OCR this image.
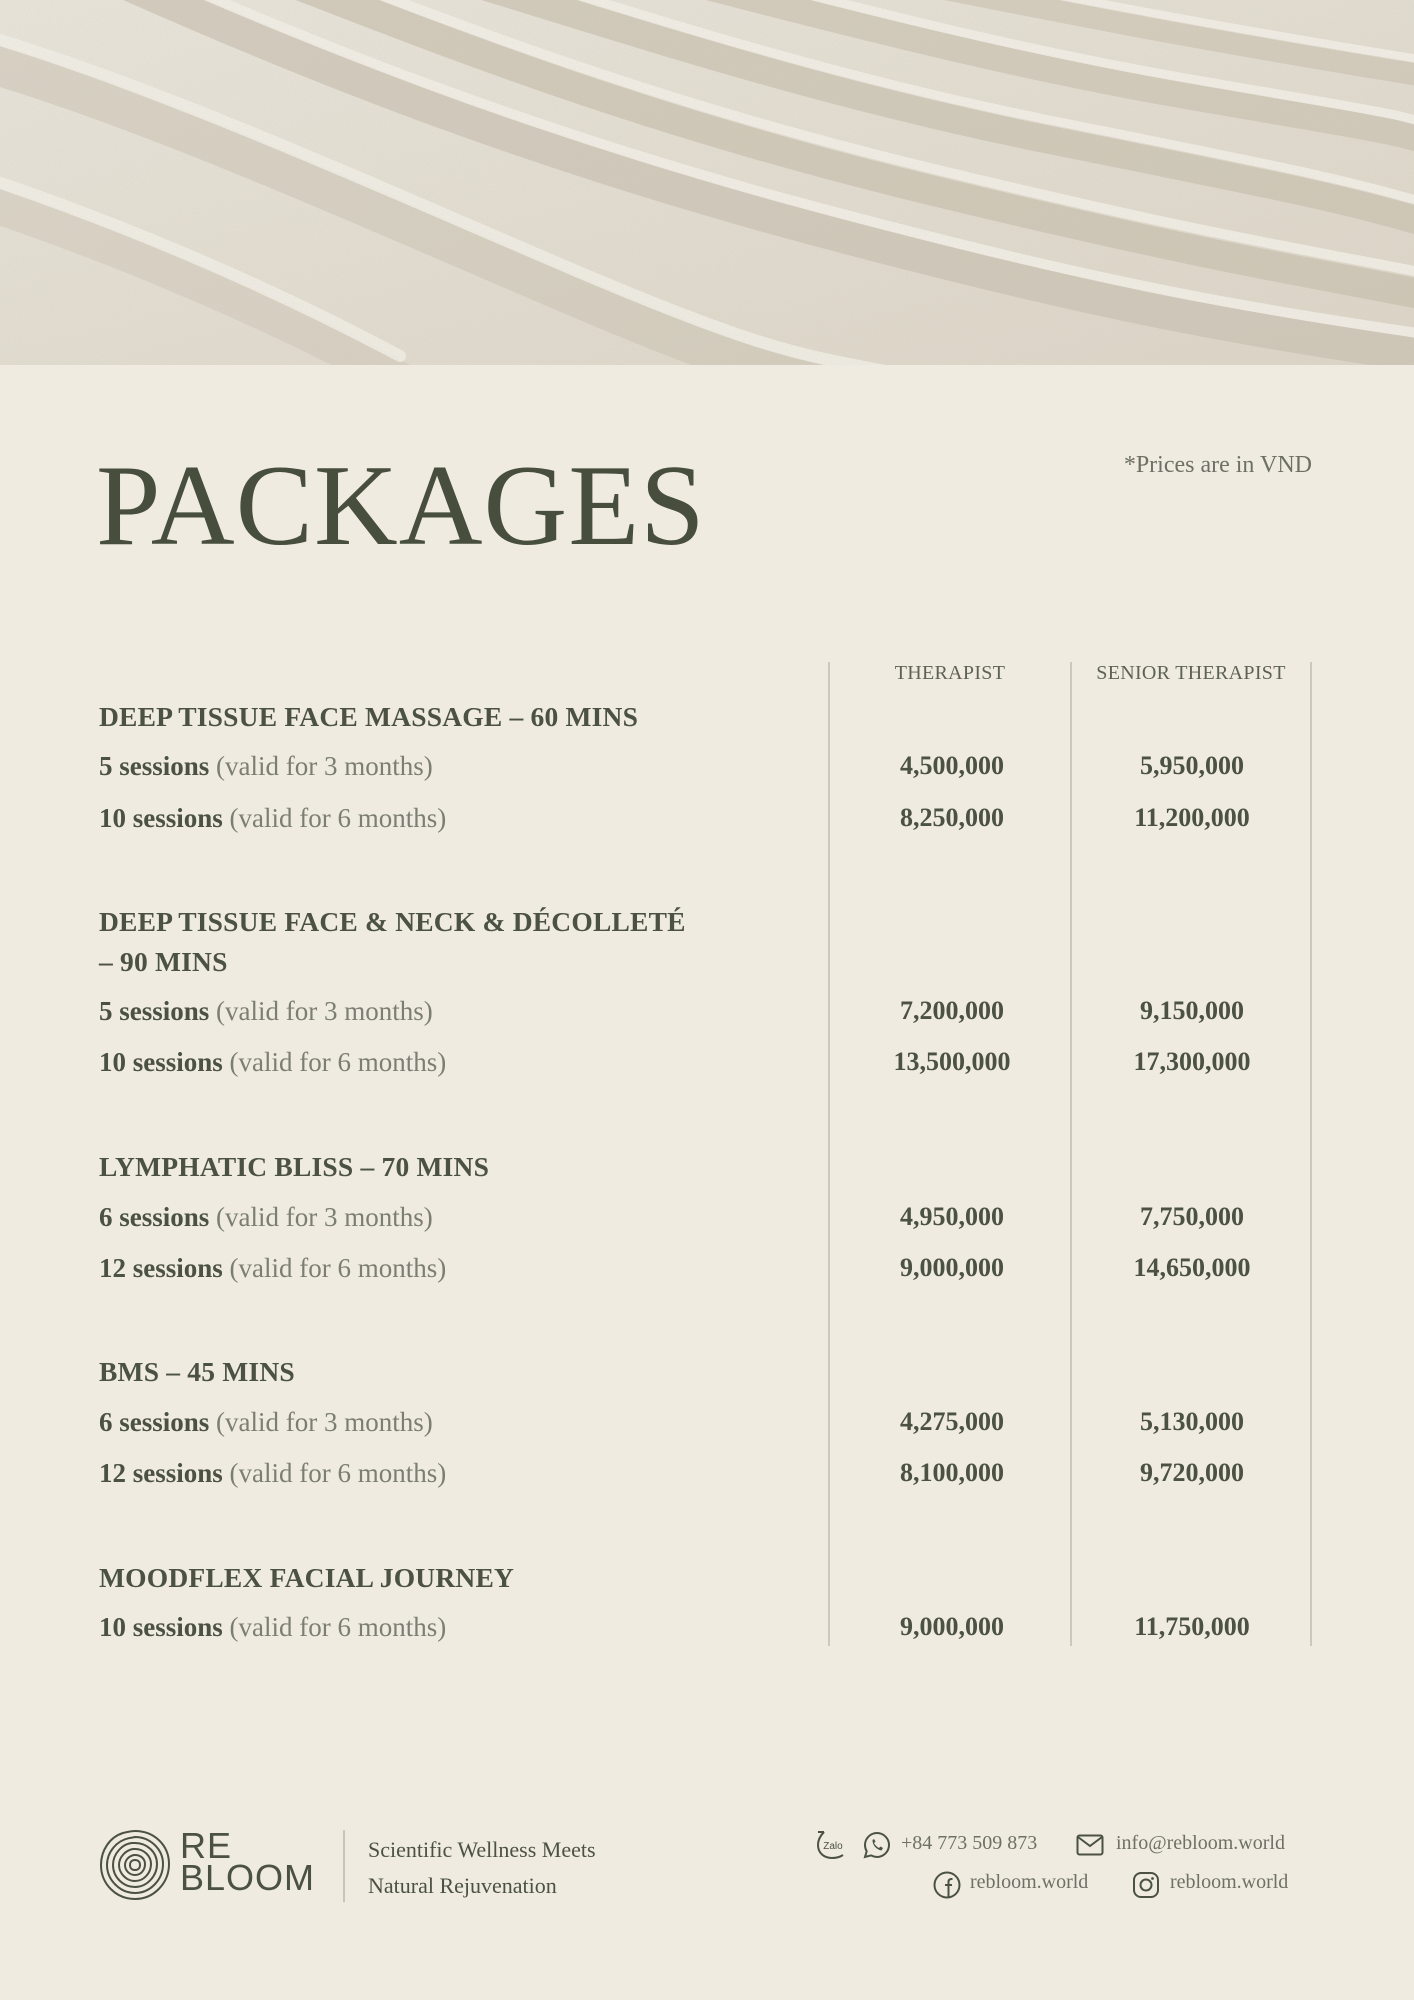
PACKAGES	*Prices are in VND
THERAPIST	SENIOR THERAPIST
DEEP TISSUE FACE MASSAGE – 60 MINS
5 sessions (valid for 3 months)	4,500,000	5,950,000
10 sessions (valid for 6 months)	8,250,000	11,200,000
DEEP TISSUE FACE & NECK & DÉCOLLETÉ
– 90 MINS
5 sessions (valid for 3 months)	7,200,000	9,150,000
10 sessions (valid for 6 months)	13,500,000	17,300,000
LYMPHATIC BLISS – 70 MINS
6 sessions (valid for 3 months)	4,950,000	7,750,000
12 sessions (valid for 6 months)	9,000,000	14,650,000
BMS – 45 MINS
6 sessions (valid for 3 months)	4,275,000	5,130,000
12 sessions (valid for 6 months)	8,100,000	9,720,000
MOODFLEX FACIAL JOURNEY
10 sessions (valid for 6 months)	9,000,000	11,750,000
RE
BLOOM
Scientific Wellness Meets
Natural Rejuvenation
Zalo	+84 773 509 873	info@rebloom.world
rebloom.world	rebloom.world
